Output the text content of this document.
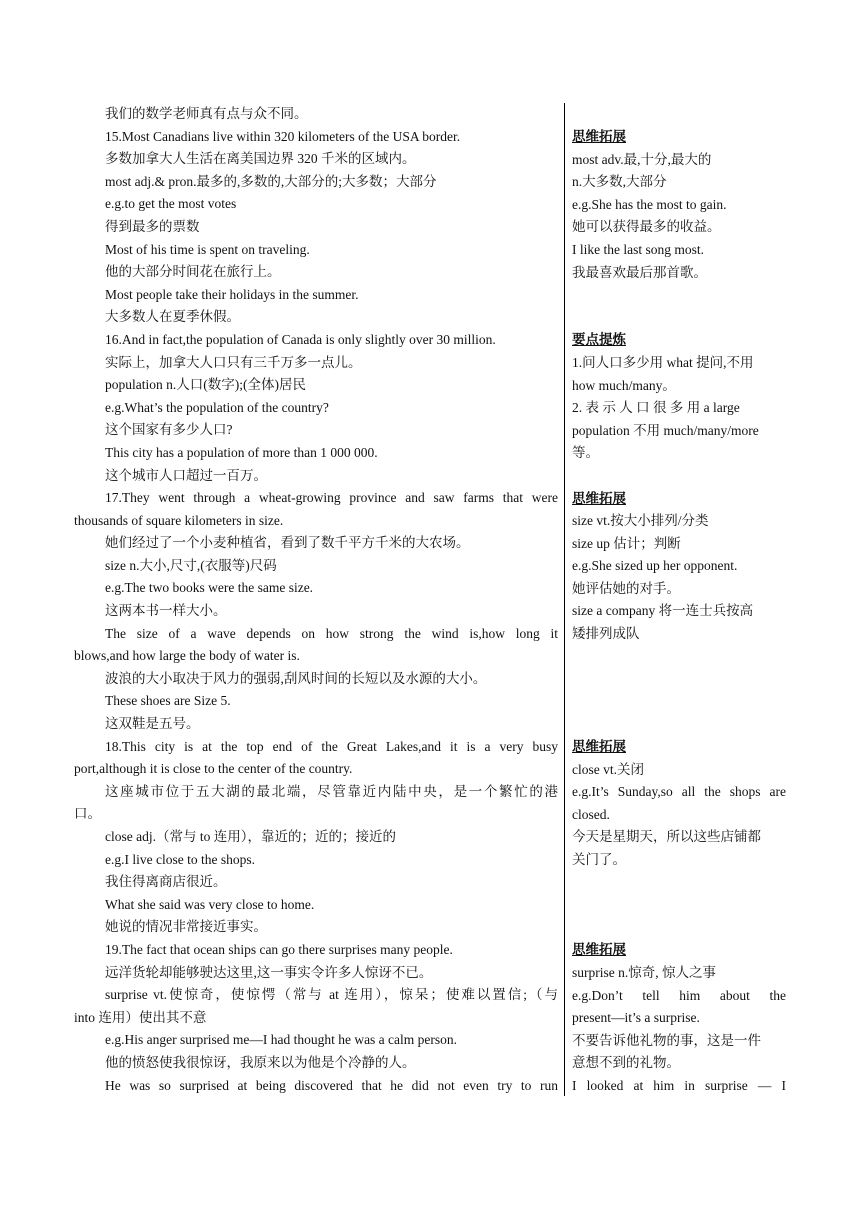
我们的数学老师真有点与众不同。
15.Most Canadians live within 320 kilometers of the USA border.
多数加拿大人生活在离美国边界 320 千米的区域内。
most adj.& pron.最多的,多数的,大部分的;大多数；大部分
e.g.to get the most votes
得到最多的票数
Most of his time is spent on traveling.
他的大部分时间花在旅行上。
Most people take their holidays in the summer.
大多数人在夏季休假。
16.And in fact,the population of Canada is only slightly over 30 million.
实际上，加拿大人口只有三千万多一点儿。
population n.人口(数字);(全体)居民
e.g.What’s the population of the country?
这个国家有多少人口?
This city has a population of more than 1 000 000.
这个城市人口超过一百万。
17.They went through a wheat-growing province and saw farms that were
thousands of square kilometers in size.
她们经过了一个小麦种植省，看到了数千平方千米的大农场。
size n.大小,尺寸,(衣服等)尺码
e.g.The two books were the same size.
这两本书一样大小。
The size of a wave depends on how strong the wind is,how long it
blows,and how large the body of water is.
波浪的大小取决于风力的强弱,刮风时间的长短以及水源的大小。
These shoes are Size 5.
这双鞋是五号。
18.This city is at the top end of the Great Lakes,and it is a very busy
port,although it is close to the center of the country.
这座城市位于五大湖的最北端，尽管靠近内陆中央，是一个繁忙的港
口。
close adj.（常与 to 连用），靠近的；近的；接近的
e.g.I live close to the shops.
我住得离商店很近。
What she said was very close to home.
她说的情况非常接近事实。
19.The fact that ocean ships can go there surprises many people.
远洋货轮却能够驶达这里,这一事实令许多人惊讶不已。
surprise vt.使惊奇，使惊愕（常与 at 连用），惊呆；使难以置信;（与
into 连用）使出其不意
e.g.His anger surprised me—I had thought he was a calm person.
他的愤怒使我很惊讶，我原来以为他是个冷静的人。
He was so surprised at being discovered that he did not even try to run
思维拓展
most adv.最,十分,最大的
n.大多数,大部分
e.g.She has the most to gain.
她可以获得最多的收益。
I like the last song most.
我最喜欢最后那首歌。
要点提炼
1.问人口多少用 what 提问,不用
how much/many。
2. 表 示 人 口 很 多 用 a large
population 不用 much/many/more
等。
思维拓展
size vt.按大小排列/分类
size up 估计；判断
e.g.She sized up her opponent.
她评估她的对手。
size a company 将一连士兵按高
矮排列成队
思维拓展
close vt.关闭
e.g.It’s Sunday,so all the shops are
closed.
今天是星期天，所以这些店铺都
关门了。
思维拓展
surprise n.惊奇, 惊人之事
e.g.Don’t tell him about the
present—it’s a surprise.
不要告诉他礼物的事，这是一件
意想不到的礼物。
I looked at him in surprise — I
